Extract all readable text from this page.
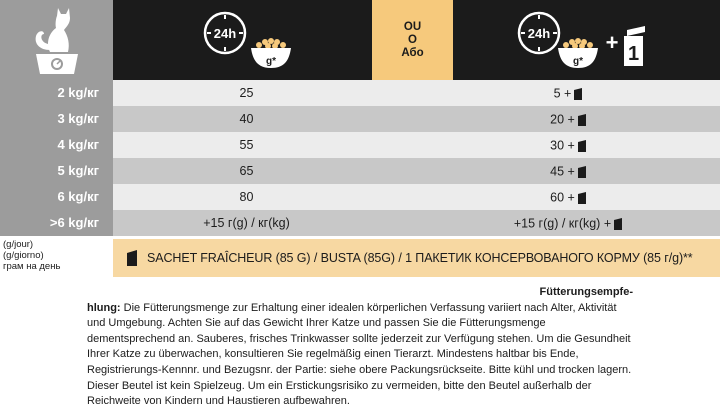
24h
g*
OU
O
Або
24h
g*
+ 1
2 kg/кг	25	5 +
3 kg/кг	40	20 +
4 kg/кг	55	30 +
5 kg/кг	65	45 +
6 kg/кг	80	60 +
>6 kg/кг	+15 г(g) / кг(kg)	+15 г(g) / кг(kg) +
(g/jour)
(g/giorno)
грам на день
SACHET FRAÎCHEUR (85 G) / BUSTA (85G) / 1 ПАКЕТИК КОНСЕРВОВАНОГО КОРМУ (85 г/g)**
Fütterungsempfe-
hlung: Die Fütterungsmenge zur Erhaltung einer idealen körperlichen Verfassung variiert nach Alter, Aktivität und Umgebung. Achten Sie auf das Gewicht Ihrer Katze und passen Sie die Fütterungsmenge dementsprechend an. Sauberes, frisches Trinkwasser sollte jederzeit zur Verfügung stehen. Um die Gesundheit Ihrer Katze zu überwachen, konsultieren Sie regelmäßig einen Tierarzt. Mindestens haltbar bis Ende, Registrierungs-Kennnr. und Bezugsnr. der Partie: siehe obere Packungsrückseite. Bitte kühl und trocken lagern. Dieser Beutel ist kein Spielzeug. Um ein Erstickungsrisiko zu vermeiden, bitte den Beutel außerhalb der Reichweite von Kindern und Haustieren aufbewahren.
